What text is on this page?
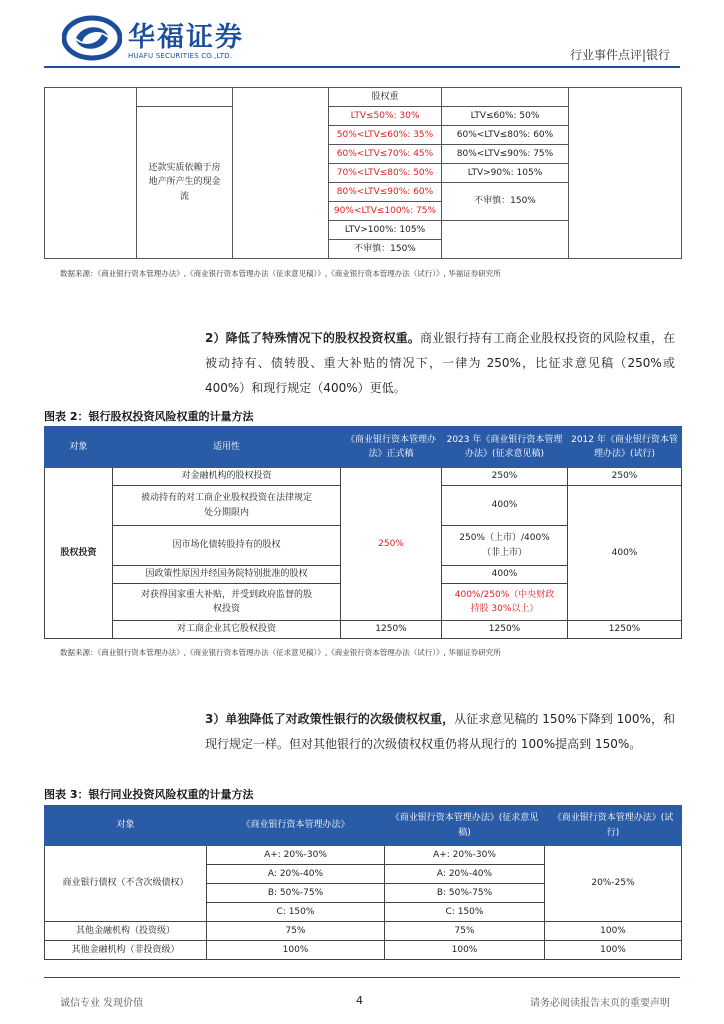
华福证券
HUAFU SECURITIES CO.,LTD.	行业事件点评|银行
			股权重		
	还款实质依赖于房地产所产生的现金流		LTV≤50%: 30%	LTV≤60%: 50%	
			50%<LTV≤60%: 35%	60%<LTV≤80%: 60%	
			60%<LTV≤70%: 45%	80%<LTV≤90%: 75%	
			70%<LTV≤80%: 50%	LTV>90%: 105%	
			80%<LTV≤90%: 60%	不审慎：150%	
			90%<LTV≤100%: 75%		
			LTV>100%: 105%		
			不审慎：150%		
数据来源：《商业银行资本管理办法》,《商业银行资本管理办法（征求意见稿）》,《商业银行资本管理办法（试行）》, 华福证券研究所
2）降低了特殊情况下的股权投资权重。商业银行持有工商企业股权投资的风险权重，在被动持有、债转股、重大补贴的情况下，一律为 250%，比征求意见稿（250%或 400%）和现行规定（400%）更低。
图表 2：银行股权投资风险权重的计量方法
对象	适用性	《商业银行资本管理办法》正式稿	2023 年《商业银行资本管理办法》(征求意见稿)	2012 年《商业银行资本管理办法》(试行)
股权投资	对金融机构的股权投资	250%	250%	250%
	被动持有的对工商企业股权投资在法律规定处分期限内		400%	400%
	因市场化债转股持有的股权		250%（上市）/400%（非上市）	
	因政策性原因并经国务院特别批准的股权		400%	
	对获得国家重大补贴，并受到政府监督的股权投资		400%/250%（中央财政持股 30%以上）	
	对工商企业其它股权投资	1250%	1250%	1250%
数据来源：《商业银行资本管理办法》,《商业银行资本管理办法（征求意见稿）》,《商业银行资本管理办法（试行）》, 华福证券研究所
3）单独降低了对政策性银行的次级债权权重，从征求意见稿的 150%下降到 100%，和现行规定一样。但对其他银行的次级债权权重仍将从现行的 100%提高到 150%。
图表 3：银行同业投资风险权重的计量方法
对象	《商业银行资本管理办法》	《商业银行资本管理办法》(征求意见稿)	《商业银行资本管理办法》(试行)
商业银行债权（不含次级债权）	A+: 20%-30%	A+: 20%-30%	20%-25%
	A: 20%-40%	A: 20%-40%	
	B: 50%-75%	B: 50%-75%	
	C: 150%	C: 150%	
其他金融机构（投资级）	75%	75%	100%
其他金融机构（非投资级）	100%	100%	100%
诚信专业 发现价值	4	请务必阅读报告末页的重要声明
